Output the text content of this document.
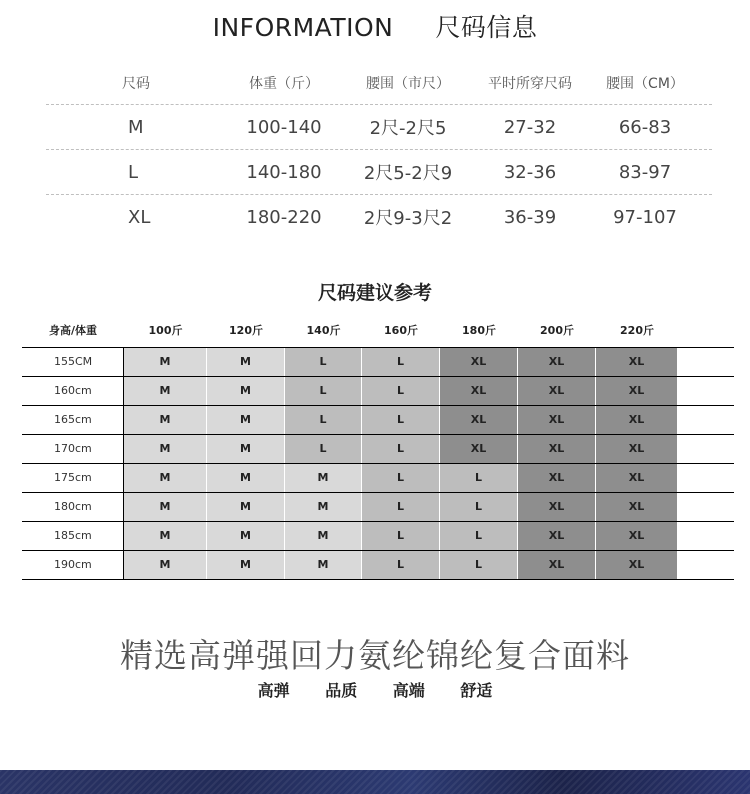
INFORMATION 尺码信息
尺码	体重（斤）	腰围（市尺）	平时所穿尺码	腰围（CM）
M	100-140	2尺-2尺5	27-32	66-83
L	140-180	2尺5-2尺9	32-36	83-97
XL	180-220	2尺9-3尺2	36-39	97-107
尺码建议参考
身高/体重	100斤	120斤	140斤	160斤	180斤	200斤	220斤
155CM	M	M	L	L	XL	XL	XL
160cm	M	M	L	L	XL	XL	XL
165cm	M	M	L	L	XL	XL	XL
170cm	M	M	L	L	XL	XL	XL
175cm	M	M	M	L	L	XL	XL
180cm	M	M	M	L	L	XL	XL
185cm	M	M	M	L	L	XL	XL
190cm	M	M	M	L	L	XL	XL
精选高弹强回力氨纶锦纶复合面料
高弹 品质 高端 舒适
